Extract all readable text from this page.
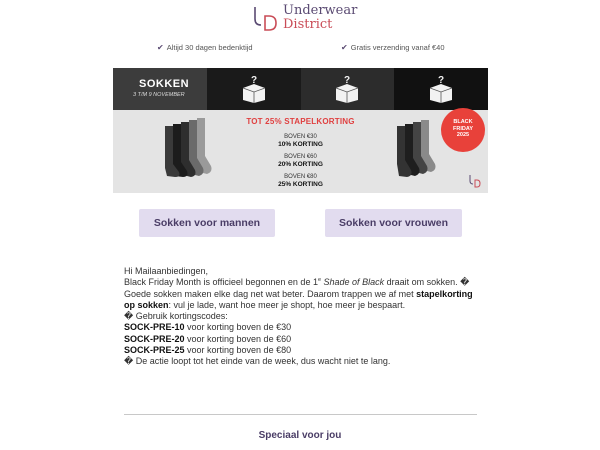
Underwear
District
✔ Altijd 30 dagen bedenktijd	✔ Gratis verzending vanaf €40
SOKKEN
3 T/M 9 NOVEMBER
?	?	?
TOT 25% STAPELKORTING
BOVEN €30
10% KORTING
BOVEN €60
20% KORTING
BOVEN €80
25% KORTING
BLACK
FRIDAY
2025
Sokken voor mannen	Sokken voor vrouwen

Hi Mailaanbiedingen,

Black Friday Month is officieel begonnen en de 1e Shade of Black draait om sokken. �

Goede sokken maken elke dag net wat beter. Daarom trappen we af met stapelkorting op sokken: vul je lade, want hoe meer je shopt, hoe meer je bespaart.

� Gebruik kortingscodes:

SOCK-PRE-10 voor korting boven de €30

SOCK-PRE-20 voor korting boven de €60

SOCK-PRE-25 voor korting boven de €80

� De actie loopt tot het einde van de week, dus wacht niet te lang.

Speciaal voor jou
